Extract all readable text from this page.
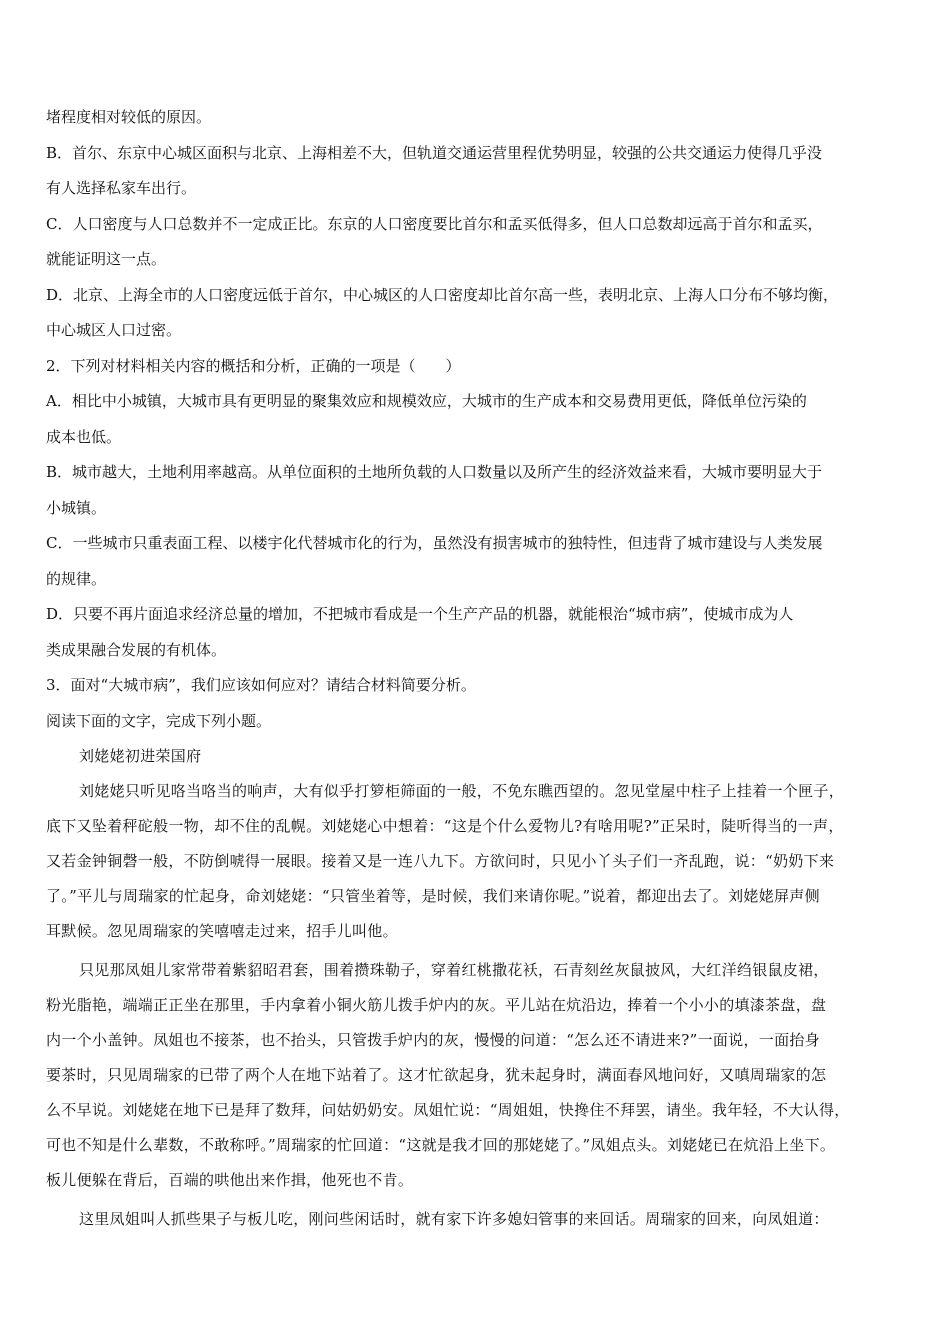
堵程度相对较低的原因。

B．首尔、东京中心城区面积与北京、上海相差不大，但轨道交通运营里程优势明显，较强的公共交通运力使得几乎没

有人选择私家车出行。

C．人口密度与人口总数并不一定成正比。东京的人口密度要比首尔和孟买低得多，但人口总数却远高于首尔和孟买，

就能证明这一点。

D．北京、上海全市的人口密度远低于首尔，中心城区的人口密度却比首尔高一些，表明北京、上海人口分布不够均衡，

中心城区人口过密。

2．下列对材料相关内容的概括和分析，正确的一项是（　　）

A．相比中小城镇，大城市具有更明显的聚集效应和规模效应，大城市的生产成本和交易费用更低，降低单位污染的

成本也低。

B．城市越大，土地利用率越高。从单位面积的土地所负载的人口数量以及所产生的经济效益来看，大城市要明显大于

小城镇。

C．一些城市只重表面工程、以楼宇化代替城市化的行为，虽然没有损害城市的独特性，但违背了城市建设与人类发展

的规律。

D．只要不再片面追求经济总量的增加，不把城市看成是一个生产产品的机器，就能根治“城市病”，使城市成为人

类成果融合发展的有机体。

3．面对“大城市病”，我们应该如何应对？请结合材料简要分析。

阅读下面的文字，完成下列小题。

刘姥姥初进荣国府

刘姥姥只听见咯当咯当的响声，大有似乎打箩柜筛面的一般，不免东瞧西望的。忽见堂屋中柱子上挂着一个匣子，

底下又坠着秤砣般一物，却不住的乱幌。刘姥姥心中想着：“这是个什么爱物儿?有啥用呢?”正呆时，陡听得当的一声，

又若金钟铜磬一般，不防倒唬得一展眼。接着又是一连八九下。方欲问时，只见小丫头子们一齐乱跑，说：“奶奶下来

了。”平儿与周瑞家的忙起身，命刘姥姥：“只管坐着等，是时候，我们来请你呢。”说着，都迎出去了。刘姥姥屏声侧

耳默候。忽见周瑞家的笑嘻嘻走过来，招手儿叫他。

只见那凤姐儿家常带着紫貂昭君套，围着攒珠勒子，穿着红桃撒花袄，石青刻丝灰鼠披风，大红洋绉银鼠皮裙，

粉光脂艳，端端正正坐在那里，手内拿着小铜火筋儿拨手炉内的灰。平儿站在炕沿边，捧着一个小小的填漆茶盘，盘

内一个小盖钟。凤姐也不接茶，也不抬头，只管拨手炉内的灰，慢慢的问道：“怎么还不请进来?”一面说，一面抬身

要茶时，只见周瑞家的已带了两个人在地下站着了。这才忙欲起身，犹未起身时，满面春风地问好，又嗔周瑞家的怎

么不早说。刘姥姥在地下已是拜了数拜，问姑奶奶安。凤姐忙说：“周姐姐，快搀住不拜罢，请坐。我年轻，不大认得，

可也不知是什么辈数，不敢称呼。”周瑞家的忙回道：“这就是我才回的那姥姥了。”凤姐点头。刘姥姥已在炕沿上坐下。

板儿便躲在背后，百端的哄他出来作揖，他死也不肯。

这里凤姐叫人抓些果子与板儿吃，刚问些闲话时，就有家下许多媳妇管事的来回话。周瑞家的回来，向凤姐道：
